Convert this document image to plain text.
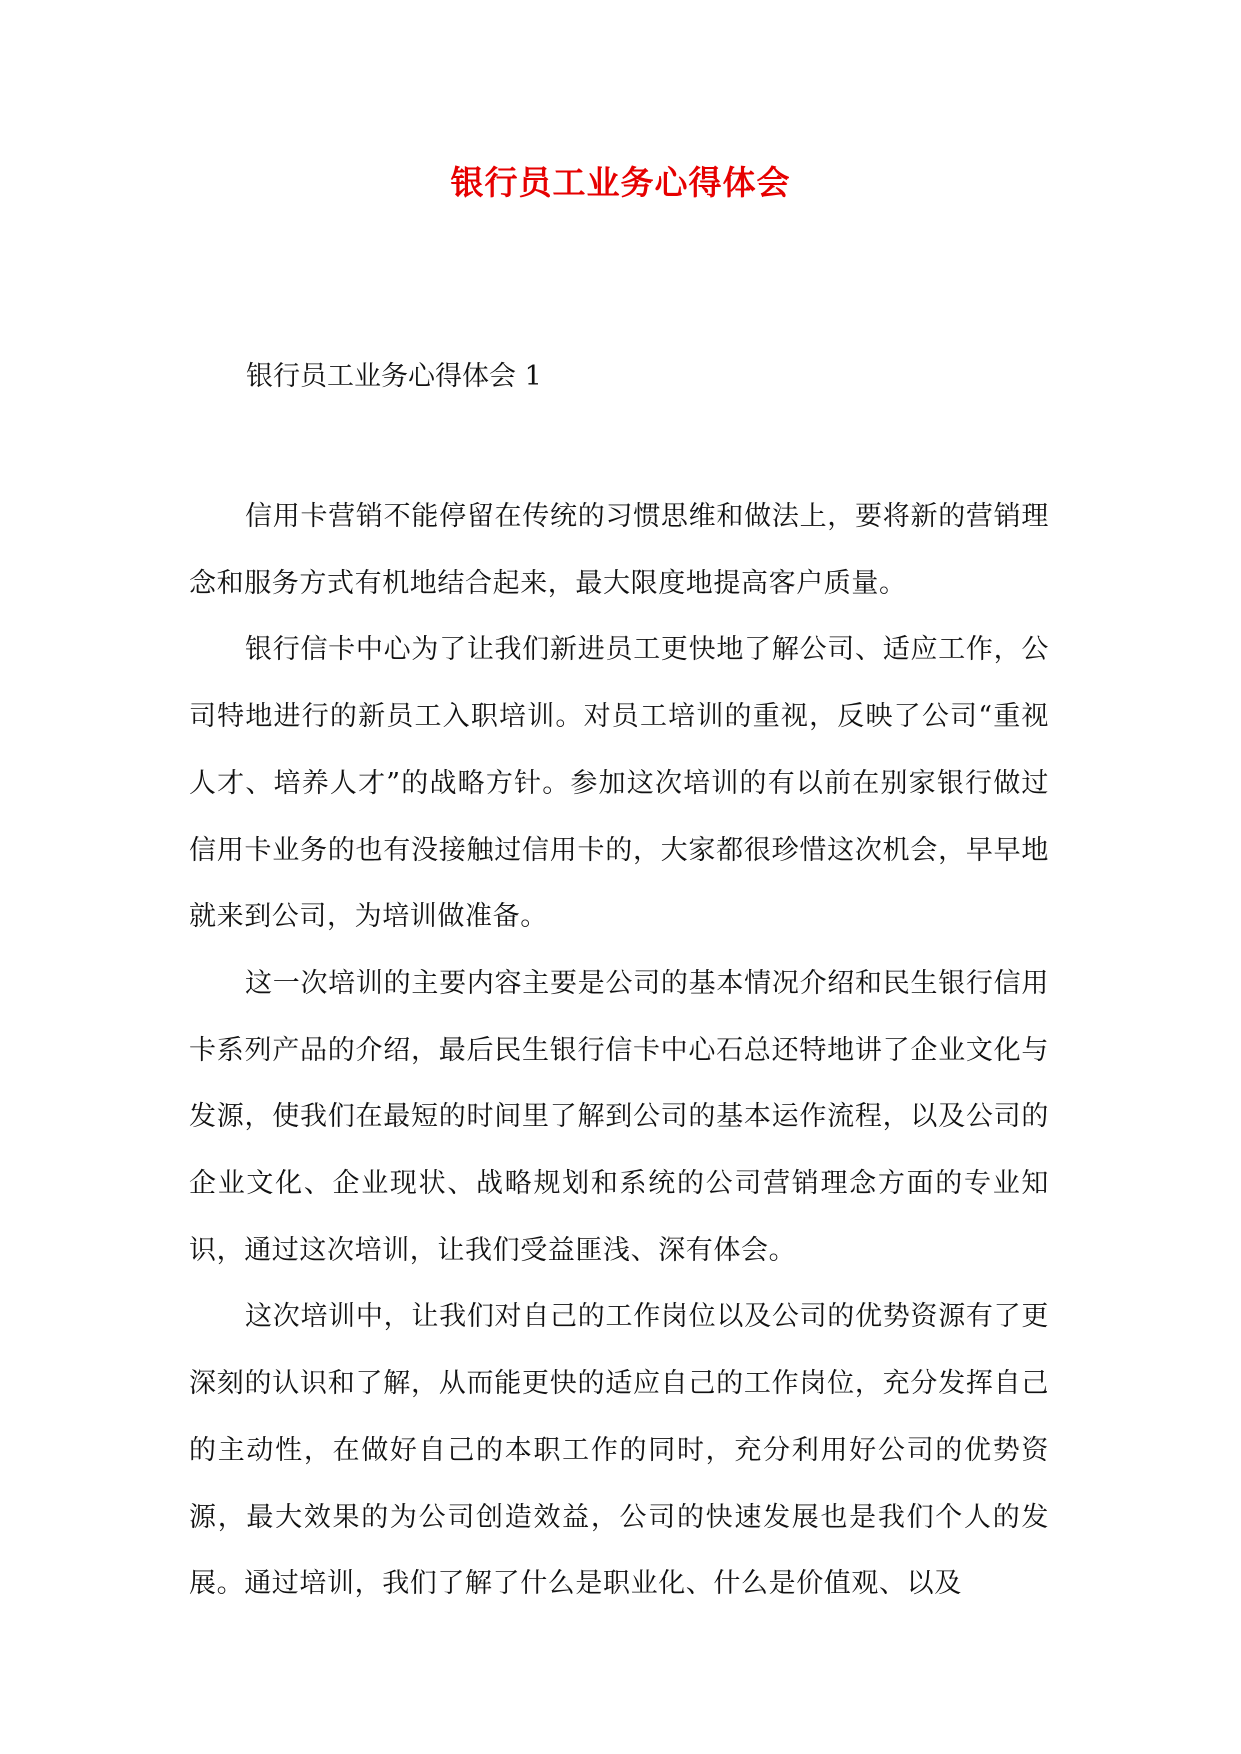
银行员工业务心得体会
银行员工业务心得体会 1

信用卡营销不能停留在传统的习惯思维和做法上，要将新的营销理念和服务方式有机地结合起来，最大限度地提高客户质量。

银行信卡中心为了让我们新进员工更快地了解公司、适应工作，公司特地进行的新员工入职培训。对员工培训的重视，反映了公司“重视人才、培养人才”的战略方针。参加这次培训的有以前在别家银行做过信用卡业务的也有没接触过信用卡的，大家都很珍惜这次机会，早早地就来到公司，为培训做准备。

这一次培训的主要内容主要是公司的基本情况介绍和民生银行信用卡系列产品的介绍，最后民生银行信卡中心石总还特地讲了企业文化与发源，使我们在最短的时间里了解到公司的基本运作流程，以及公司的企业文化、企业现状、战略规划和系统的公司营销理念方面的专业知识，通过这次培训，让我们受益匪浅、深有体会。

这次培训中，让我们对自己的工作岗位以及公司的优势资源有了更深刻的认识和了解，从而能更快的适应自己的工作岗位，充分发挥自己的主动性，在做好自己的本职工作的同时，充分利用好公司的优势资源，最大效果的为公司创造效益，公司的快速发展也是我们个人的发展。通过培训，我们了解了什么是职业化、什么是价值观、以及
